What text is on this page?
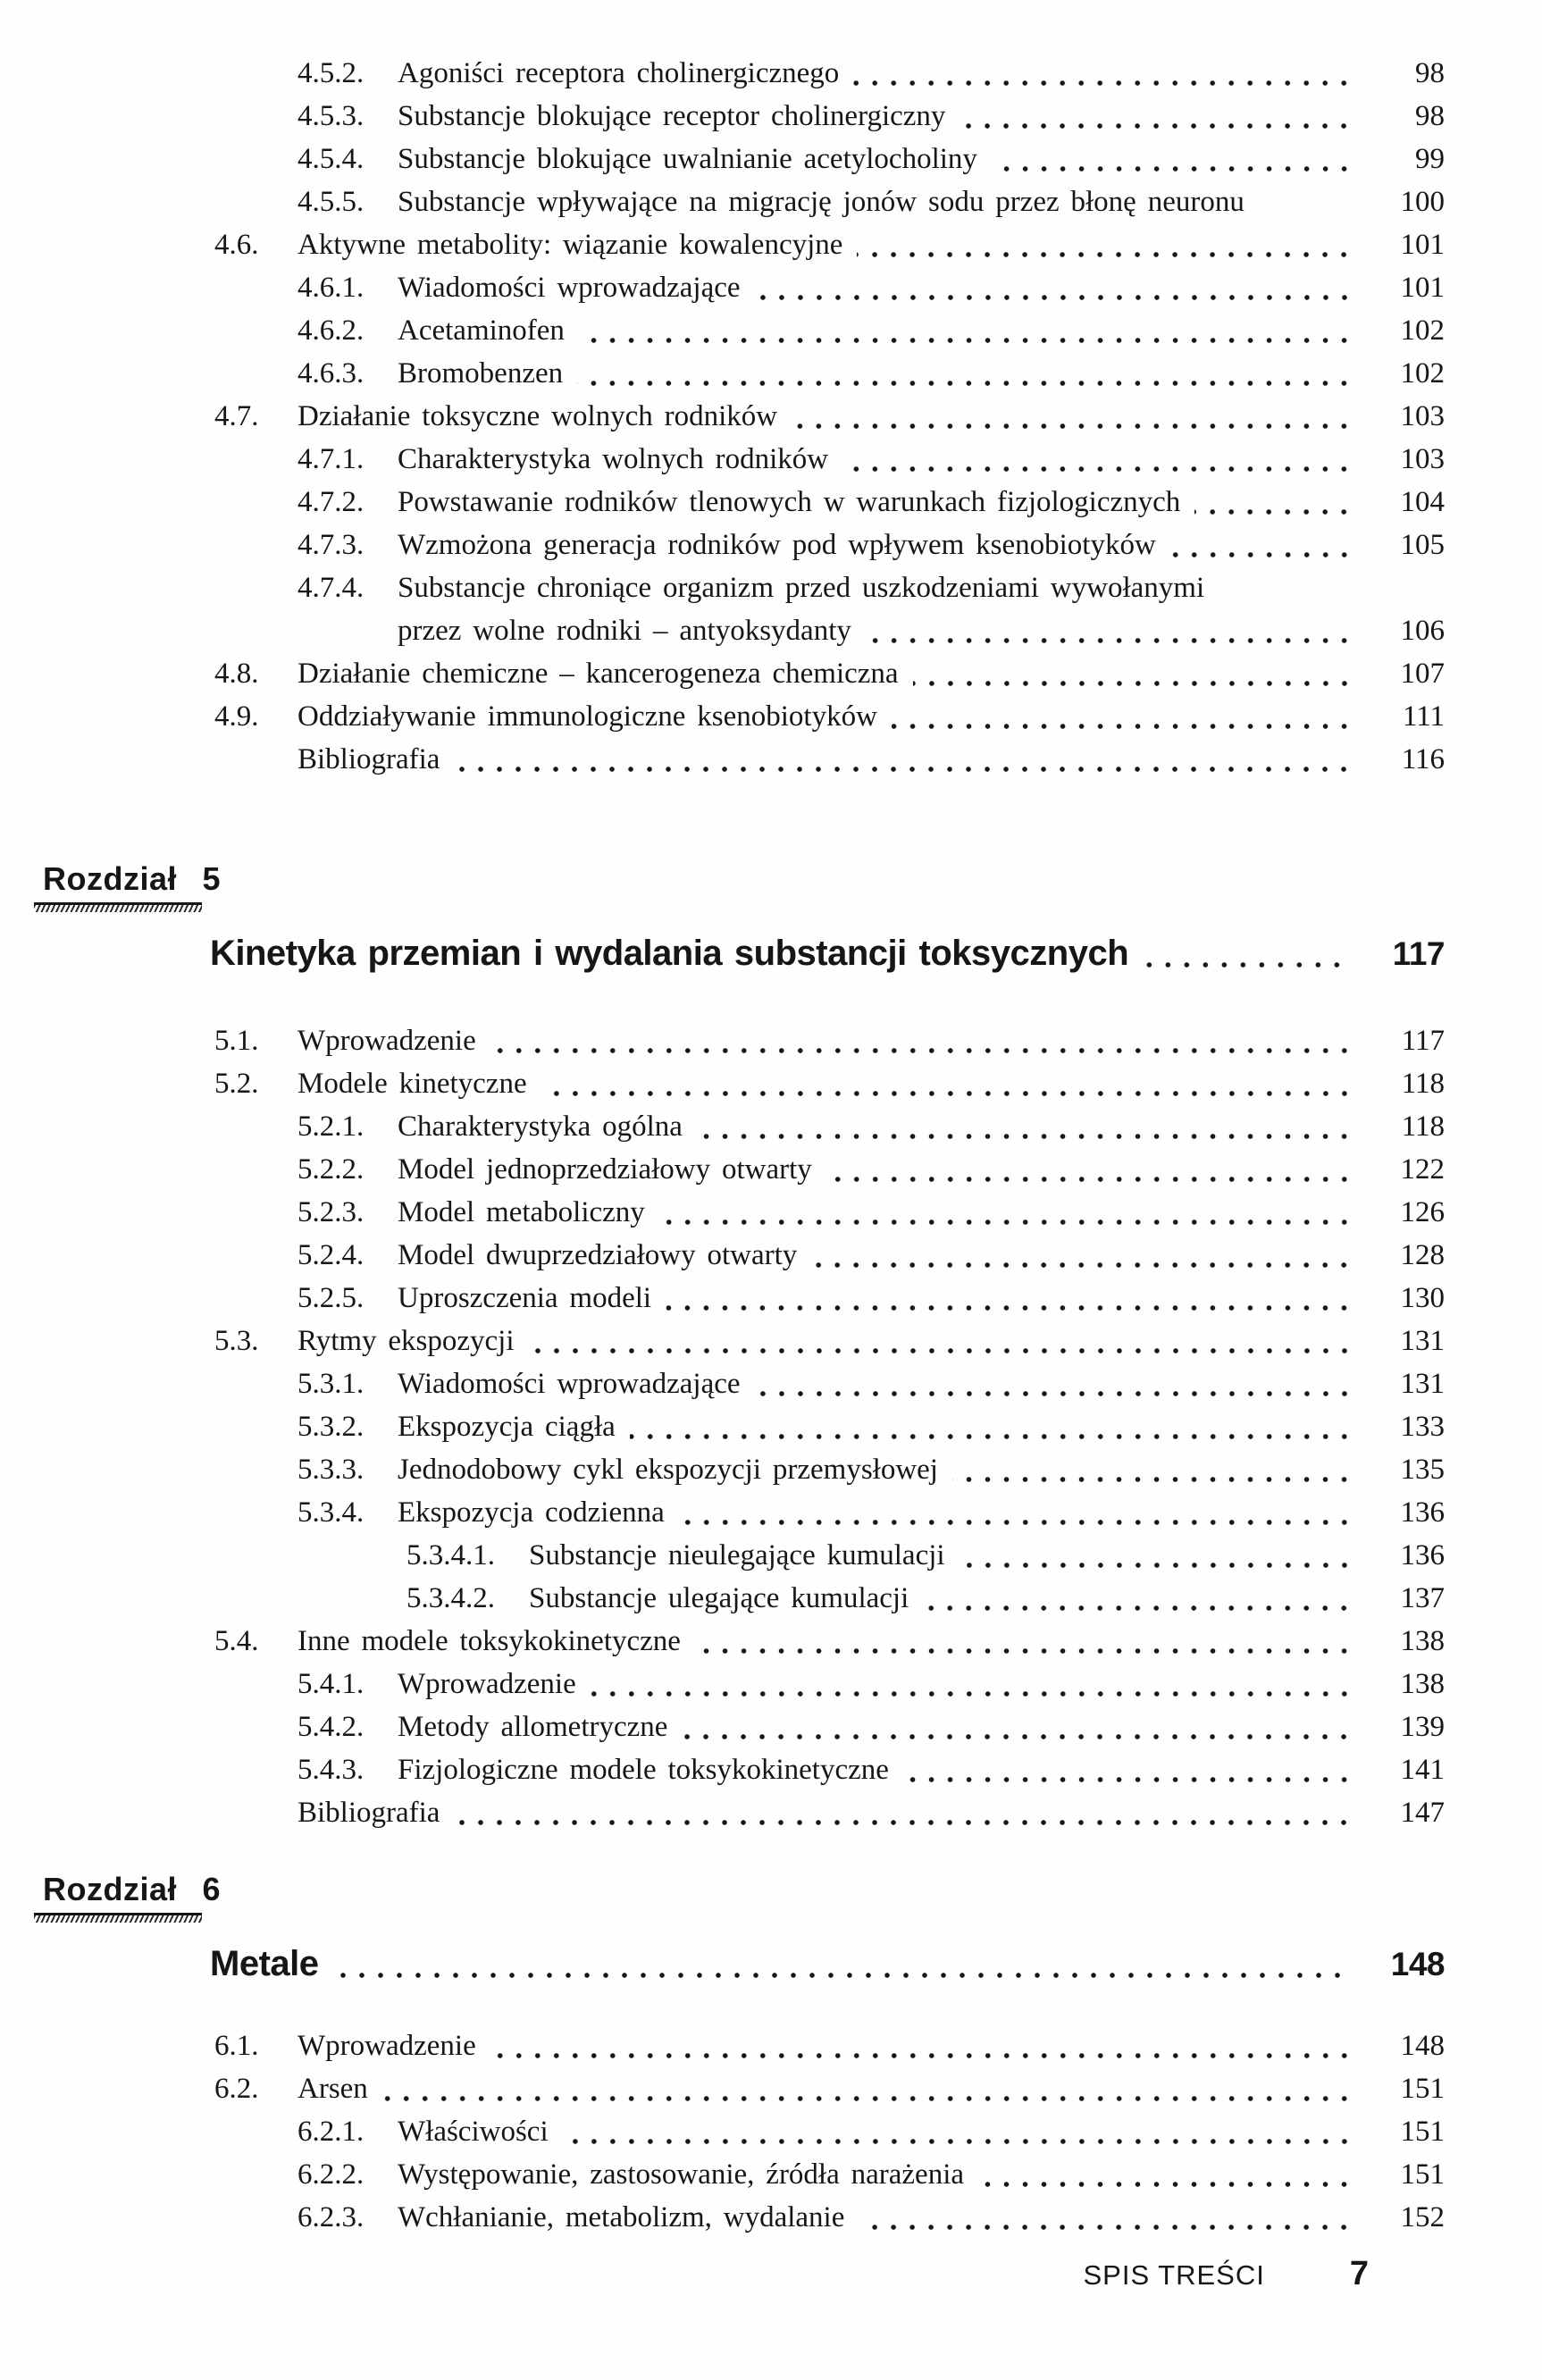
4.5.2.	Agoniści receptora cholinergicznego	98
4.5.3.	Substancje blokujące receptor cholinergiczny	98
4.5.4.	Substancje blokujące uwalnianie acetylocholiny	99
4.5.5.	Substancje wpływające na migrację jonów sodu przez błonę neuronu	100
4.6.	Aktywne metabolity: wiązanie kowalencyjne	101
4.6.1.	Wiadomości wprowadzające	101
4.6.2.	Acetaminofen	102
4.6.3.	Bromobenzen	102
4.7.	Działanie toksyczne wolnych rodników	103
4.7.1.	Charakterystyka wolnych rodników	103
4.7.2.	Powstawanie rodników tlenowych w warunkach fizjologicznych	104
4.7.3.	Wzmożona generacja rodników pod wpływem ksenobiotyków	105
4.7.4.	Substancje chroniące organizm przed uszkodzeniami wywołanymi
przez wolne rodniki – antyoksydanty	106
4.8.	Działanie chemiczne – kancerogeneza chemiczna	107
4.9.	Oddziaływanie immunologiczne ksenobiotyków	111
Bibliografia	116
Rozdział 5
Kinetyka przemian i wydalania substancji toksycznych	117
5.1.	Wprowadzenie	117
5.2.	Modele kinetyczne	118
5.2.1.	Charakterystyka ogólna	118
5.2.2.	Model jednoprzedziałowy otwarty	122
5.2.3.	Model metaboliczny	126
5.2.4.	Model dwuprzedziałowy otwarty	128
5.2.5.	Uproszczenia modeli	130
5.3.	Rytmy ekspozycji	131
5.3.1.	Wiadomości wprowadzające	131
5.3.2.	Ekspozycja ciągła	133
5.3.3.	Jednodobowy cykl ekspozycji przemysłowej	135
5.3.4.	Ekspozycja codzienna	136
5.3.4.1.	Substancje nieulegające kumulacji	136
5.3.4.2.	Substancje ulegające kumulacji	137
5.4.	Inne modele toksykokinetyczne	138
5.4.1.	Wprowadzenie	138
5.4.2.	Metody allometryczne	139
5.4.3.	Fizjologiczne modele toksykokinetyczne	141
Bibliografia	147
Rozdział 6
Metale	148
6.1.	Wprowadzenie	148
6.2.	Arsen	151
6.2.1.	Właściwości	151
6.2.2.	Występowanie, zastosowanie, źródła narażenia	151
6.2.3.	Wchłanianie, metabolizm, wydalanie	152
SPIS TREŚCI	7
